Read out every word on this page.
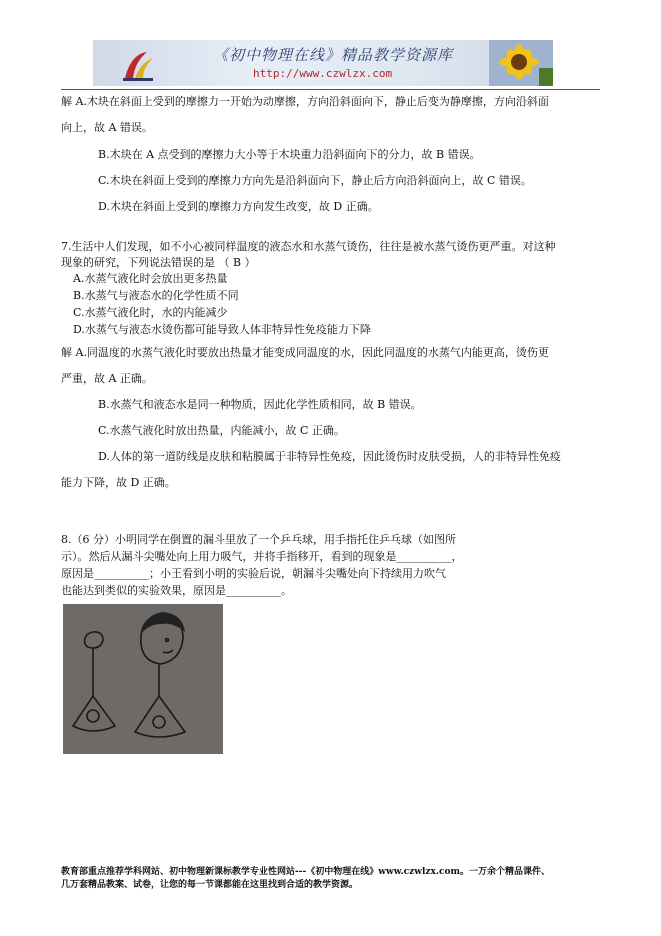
《初中物理在线》精品教学资源库
http://www.czwlzx.com
解 A.木块在斜面上受到的摩擦力一开始为动摩擦，方向沿斜面向下，静止后变为静摩擦，方向沿斜面
向上，故 A 错误。
B.木块在 A 点受到的摩擦力大小等于木块重力沿斜面向下的分力，故 B 错误。
C.木块在斜面上受到的摩擦力方向先是沿斜面向下，静止后方向沿斜面向上，故 C 错误。
D.木块在斜面上受到的摩擦力方向发生改变，故 D 正确。
7.生活中人们发现，如不小心被同样温度的液态水和水蒸气烫伤，往往是被水蒸气烫伤更严重。对这种
现象的研究，下列说法错误的是 （ B ）
A.水蒸气液化时会放出更多热量
B.水蒸气与液态水的化学性质不同
C.水蒸气液化时，水的内能减少
D.水蒸气与液态水烫伤都可能导致人体非特异性免疫能力下降
解 A.同温度的水蒸气液化时要放出热量才能变成同温度的水，因此同温度的水蒸气内能更高，烫伤更
严重，故 A 正确。
B.水蒸气和液态水是同一种物质，因此化学性质相同，故 B 错误。
C.水蒸气液化时放出热量，内能减小，故 C 正确。
D.人体的第一道防线是皮肤和粘膜属于非特异性免疫，因此烫伤时皮肤受损，人的非特异性免疫
能力下降，故 D 正确。
8.（6 分）小明同学在倒置的漏斗里放了一个乒乓球，用手指托住乒乓球（如图所
示）。然后从漏斗尖嘴处向上用力吸气，并将手指移开，看到的现象是__________，
原因是__________；小王看到小明的实验后说，朝漏斗尖嘴处向下持续用力吹气
也能达到类似的实验效果，原因是__________。
教育部重点推荐学科网站、初中物理新课标教学专业性网站---《初中物理在线》www.czwlzx.com。一万余个精品课件、
几万套精品教案、试卷，让您的每一节课都能在这里找到合适的教学资源。
